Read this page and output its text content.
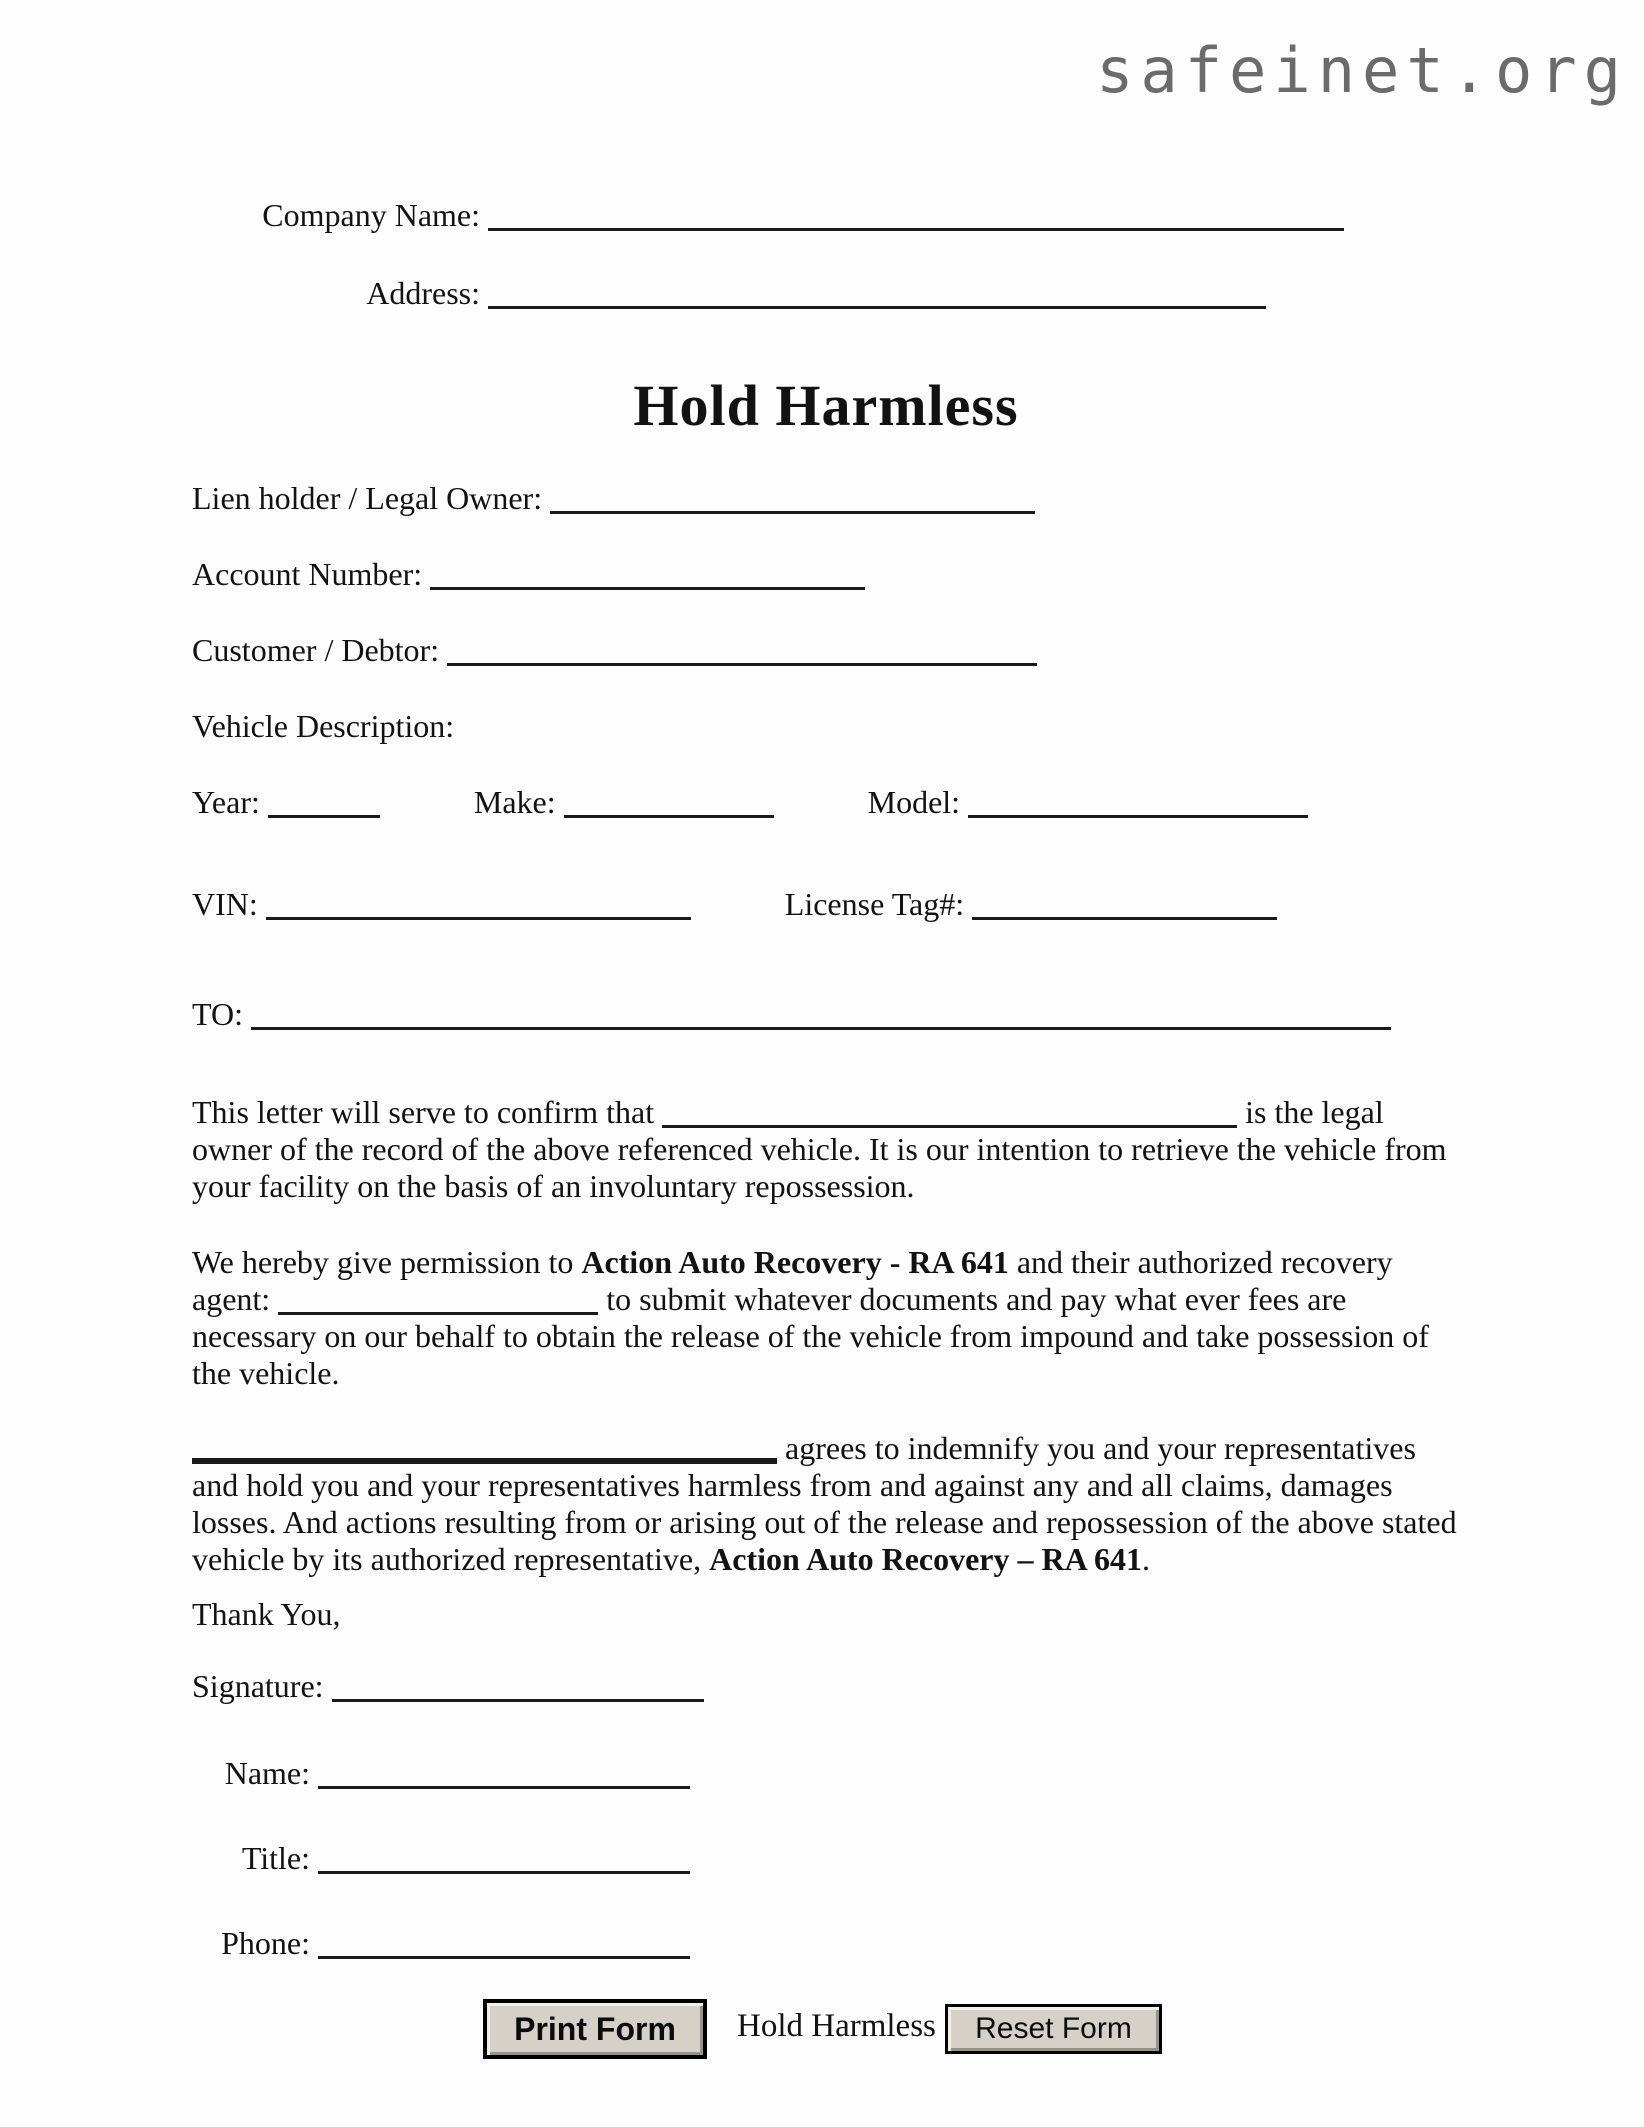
safeinet.org
Company Name:
Address:
Hold Harmless
Lien holder / Legal Owner:
Account Number:
Customer / Debtor:
Vehicle Description:
Year:	Make:	Model:
VIN:	License Tag#:
TO:

This letter will serve to confirm that	is the legal owner of the record of the above referenced vehicle. It is our intention to retrieve the vehicle from your facility on the basis of an involuntary repossession.

We hereby give permission to Action Auto Recovery - RA 641 and their authorized recovery agent:	to submit whatever documents and pay what ever fees are necessary on our behalf to obtain the release of the vehicle from impound and take possession of the vehicle.

agrees to indemnify you and your representatives and hold you and your representatives harmless from and against any and all claims, damages losses. And actions resulting from or arising out of the release and repossession of the above stated vehicle by its authorized representative, Action Auto Recovery – RA 641.

Thank You,
Signature:
Name:
Title:
Phone:
Print Form	Hold Harmless	Reset Form
